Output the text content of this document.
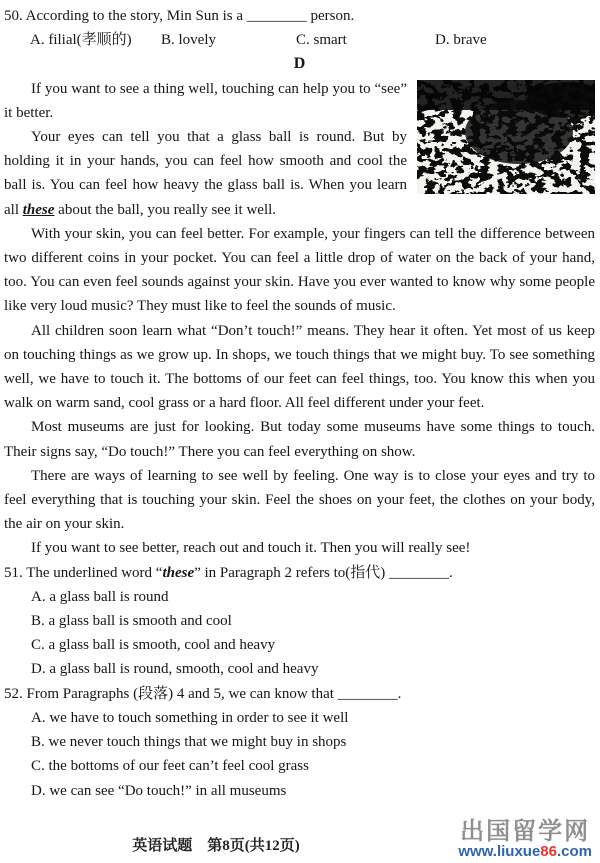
50. According to the story, Min Sun is a ________ person.

A. filial(孝顺的)	B. lovely	C. smart	D. brave

D

If you want to see a thing well, touching can help you to “see” it better.

Your eyes can tell you that a glass ball is round. But by holding it in your hands, you can feel how smooth and cool the ball is. You can feel how heavy the glass ball is. When you learn all these about the ball, you really see it well.

With your skin, you can feel better. For example, your fingers can tell the difference between two different coins in your pocket. You can feel a little drop of water on the back of your hand, too. You can even feel sounds against your skin. Have you ever wanted to know why some people like very loud music? They must like to feel the sounds of music.

All children soon learn what “Don’t touch!” means. They hear it often. Yet most of us keep on touching things as we grow up. In shops, we touch things that we might buy. To see something well, we have to touch it. The bottoms of our feet can feel things, too. You know this when you walk on warm sand, cool grass or a hard floor. All feel different under your feet.

Most museums are just for looking. But today some museums have some things to touch. Their signs say, “Do touch!” There you can feel everything on show.

There are ways of learning to see well by feeling. One way is to close your eyes and try to feel everything that is touching your skin. Feel the shoes on your feet, the clothes on your body, the air on your skin.

If you want to see better, reach out and touch it. Then you will really see!

51. The underlined word “these” in Paragraph 2 refers to(指代) ________.

A. a glass ball is round

B. a glass ball is smooth and cool

C. a glass ball is smooth, cool and heavy

D. a glass ball is round, smooth, cool and heavy

52. From Paragraphs (段落) 4 and 5, we can know that ________.

A. we have to touch something in order to see it well

B. we never touch things that we might buy in shops

C. the bottoms of our feet can’t feel cool grass

D. we can see “Do touch!” in all museums

英语试题　第8页(共12页)
出国留学网
www.liuxue86.com
